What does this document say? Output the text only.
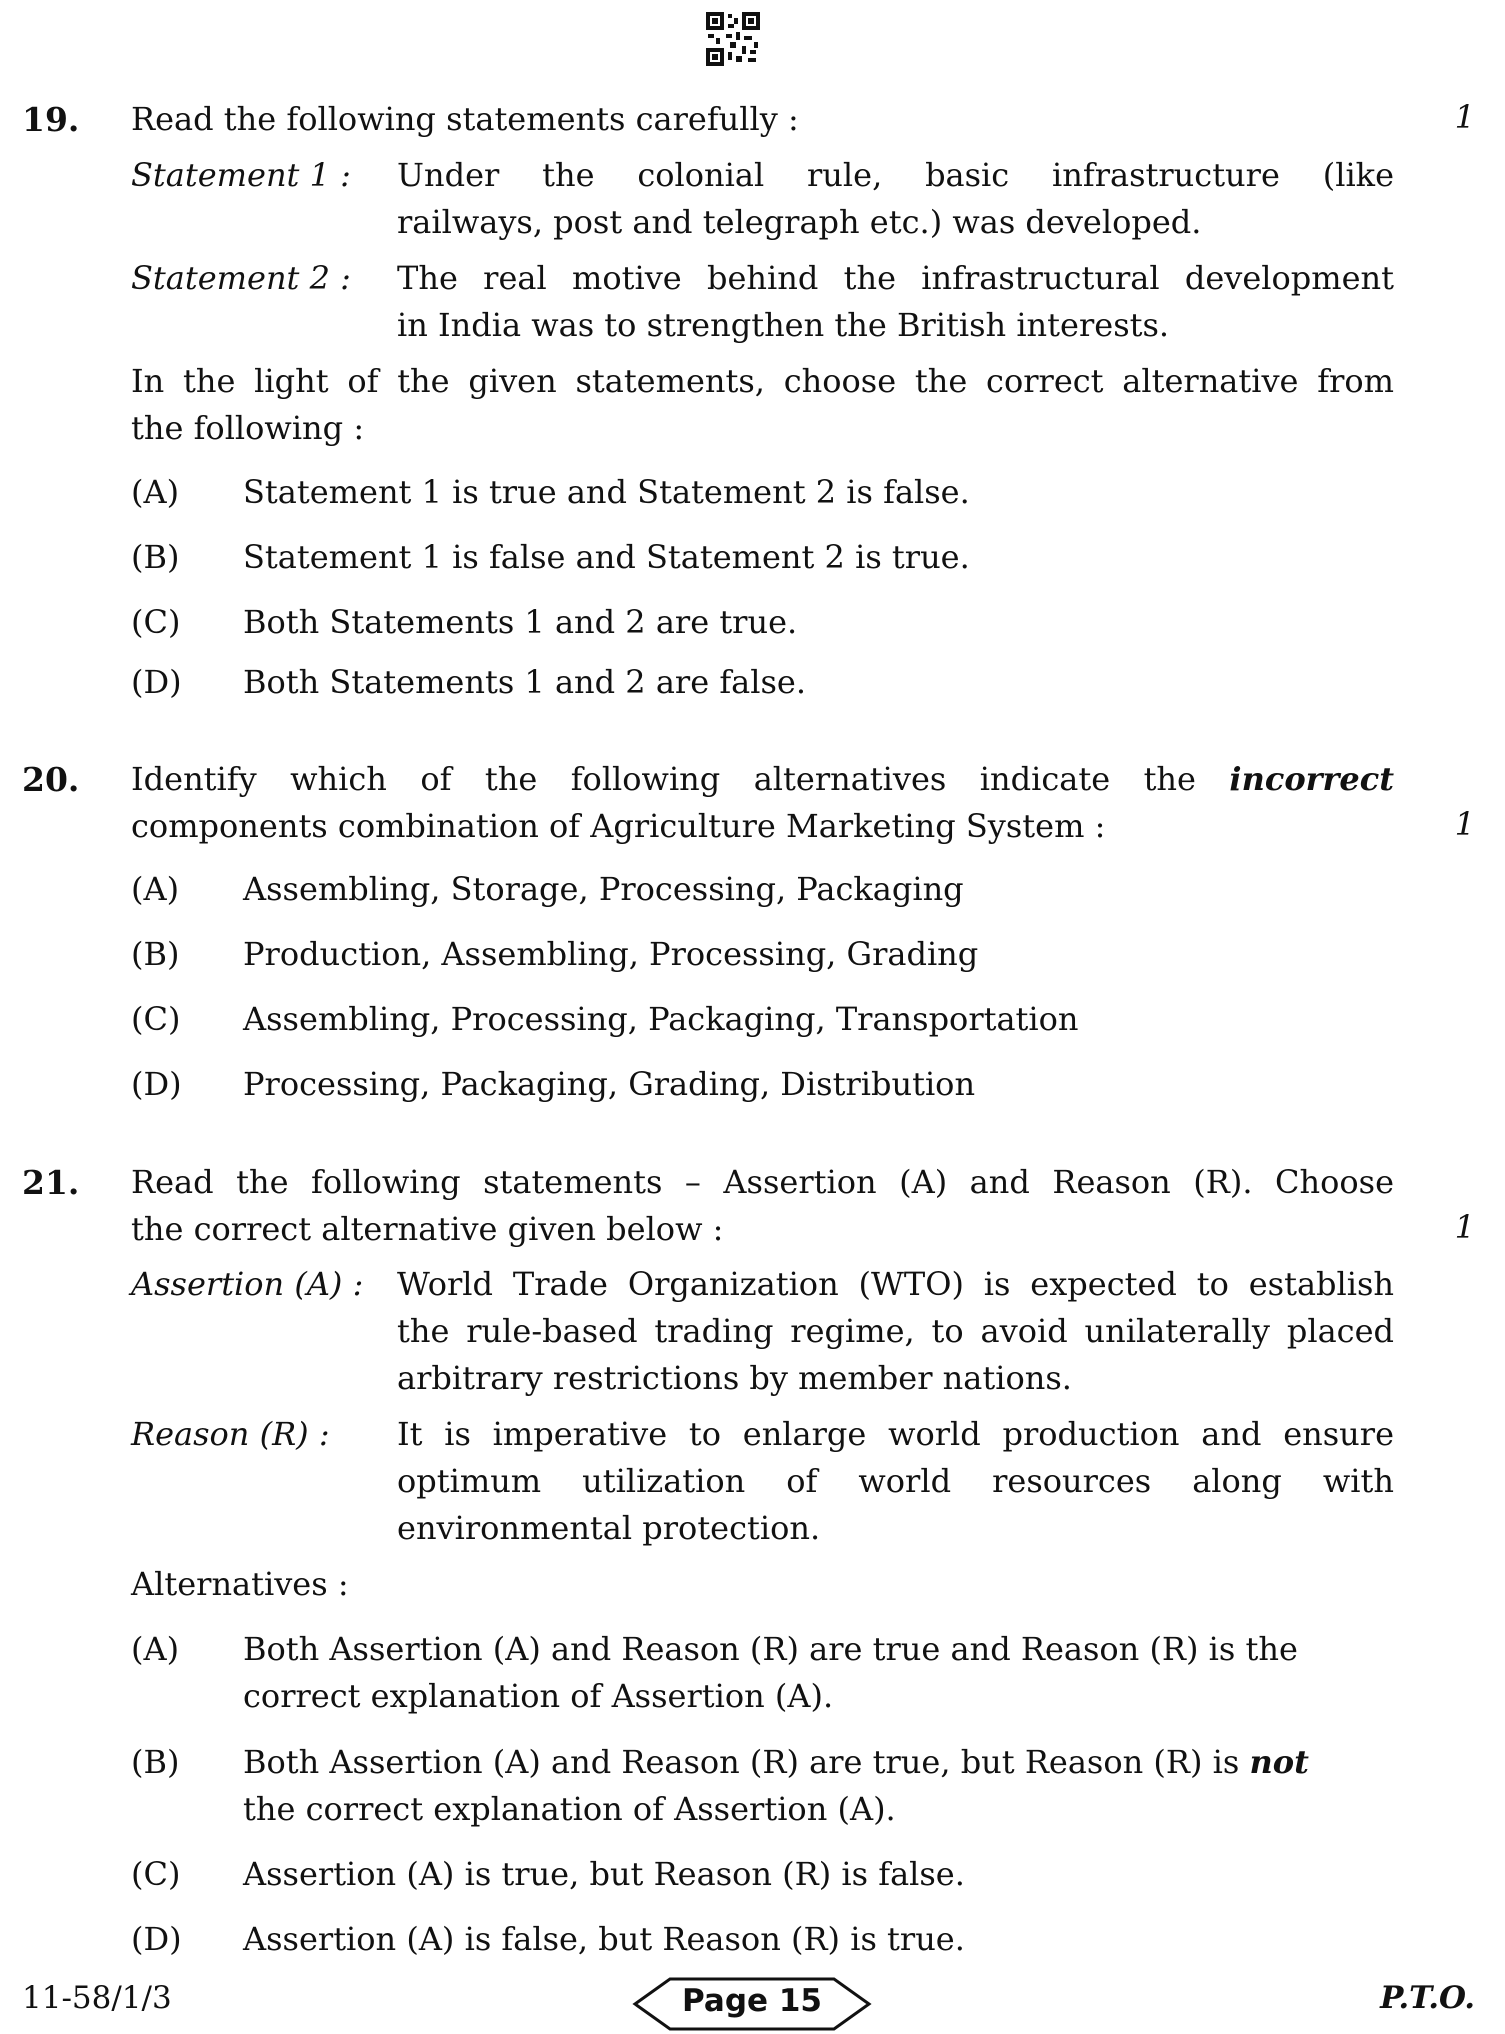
19. Read the following statements carefully :	1
Statement 1 : Under the colonial rule, basic infrastructure (like
railways, post and telegraph etc.) was developed.
Statement 2 : The real motive behind the infrastructural development
in India was to strengthen the British interests.
In the light of the given statements, choose the correct alternative from
the following :
(A) Statement 1 is true and Statement 2 is false.
(B) Statement 1 is false and Statement 2 is true.
(C) Both Statements 1 and 2 are true.
(D) Both Statements 1 and 2 are false.
20. Identify which of the following alternatives indicate the incorrect
components combination of Agriculture Marketing System :	1
(A) Assembling, Storage, Processing, Packaging
(B) Production, Assembling, Processing, Grading
(C) Assembling, Processing, Packaging, Transportation
(D) Processing, Packaging, Grading, Distribution
21. Read the following statements – Assertion (A) and Reason (R). Choose
the correct alternative given below :	1
Assertion (A) : World Trade Organization (WTO) is expected to establish
the rule-based trading regime, to avoid unilaterally placed
arbitrary restrictions by member nations.
Reason (R) : It is imperative to enlarge world production and ensure
optimum utilization of world resources along with
environmental protection.
Alternatives :
(A) Both Assertion (A) and Reason (R) are true and Reason (R) is the
correct explanation of Assertion (A).
(B) Both Assertion (A) and Reason (R) are true, but Reason (R) is not
the correct explanation of Assertion (A).
(C) Assertion (A) is true, but Reason (R) is false.
(D) Assertion (A) is false, but Reason (R) is true.
11-58/1/3	Page 15	P.T.O.
